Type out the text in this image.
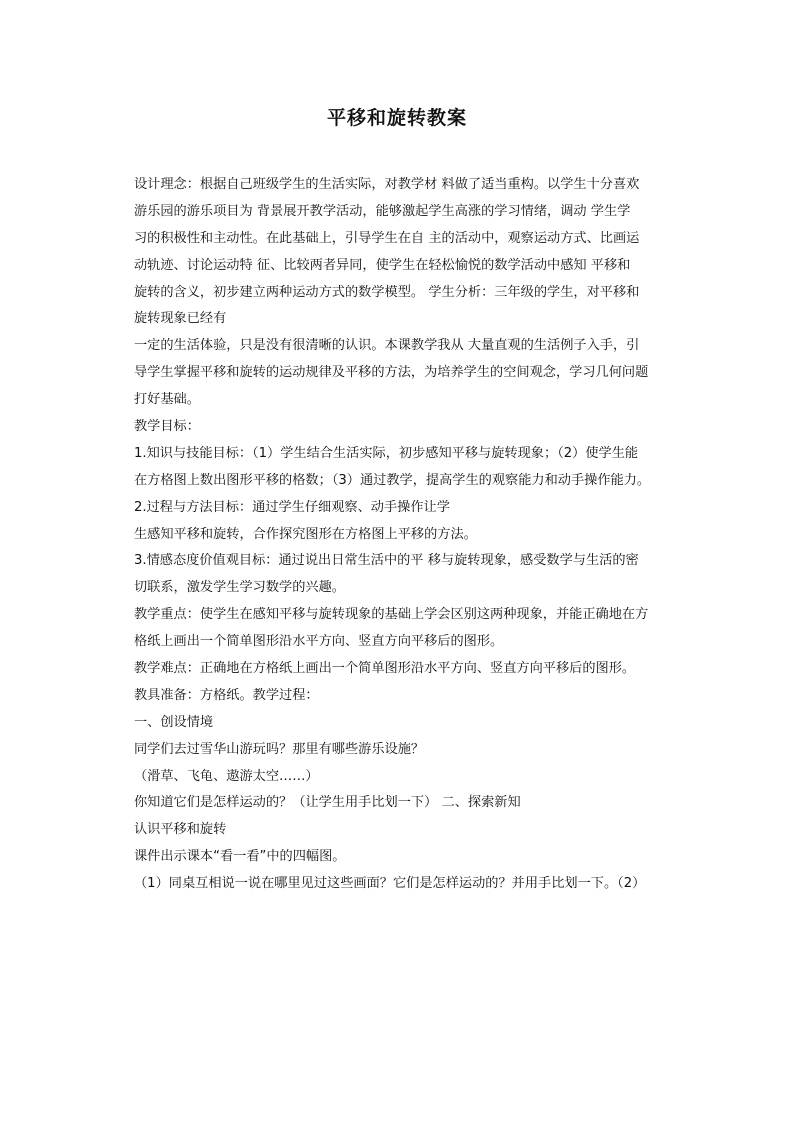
平移和旋转教案
设计理念：根据自己班级学生的生活实际，对教学材 料做了适当重构。以学生十分喜欢
游乐园的游乐项目为 背景展开教学活动，能够激起学生高涨的学习情绪，调动 学生学
习的积极性和主动性。在此基础上，引导学生在自 主的活动中，观察运动方式、比画运
动轨迹、讨论运动特 征、比较两者异同，使学生在轻松愉悦的数学活动中感知 平移和
旋转的含义，初步建立两种运动方式的数学模型。 学生分析：三年级的学生，对平移和
旋转现象已经有
一定的生活体验，只是没有很清晰的认识。本课教学我从 大量直观的生活例子入手，引
导学生掌握平移和旋转的运动规律及平移的方法，为培养学生的空间观念，学习几何问题
打好基础。
教学目标：
1.知识与技能目标：（1）学生结合生活实际，初步感知平移与旋转现象；（2）使学生能
在方格图上数出图形平移的格数；（3）通过教学，提高学生的观察能力和动手操作能力。
2.过程与方法目标：通过学生仔细观察、动手操作让学
生感知平移和旋转，合作探究图形在方格图上平移的方法。
3.情感态度价值观目标：通过说出日常生活中的平 移与旋转现象，感受数学与生活的密
切联系，激发学生学习数学的兴趣。
教学重点：使学生在感知平移与旋转现象的基础上学会区别这两种现象，并能正确地在方
格纸上画出一个简单图形沿水平方向、竖直方向平移后的图形。
教学难点：正确地在方格纸上画出一个简单图形沿水平方向、竖直方向平移后的图形。
教具准备：方格纸。教学过程：
一、创设情境
同学们去过雪华山游玩吗？那里有哪些游乐设施？
（滑草、飞龟、遨游太空……）
你知道它们是怎样运动的？（让学生用手比划一下） 二、探索新知
认识平移和旋转
课件出示课本“看一看”中的四幅图。
（1）同桌互相说一说在哪里见过这些画面？它们是怎样运动的？并用手比划一下。（2）
